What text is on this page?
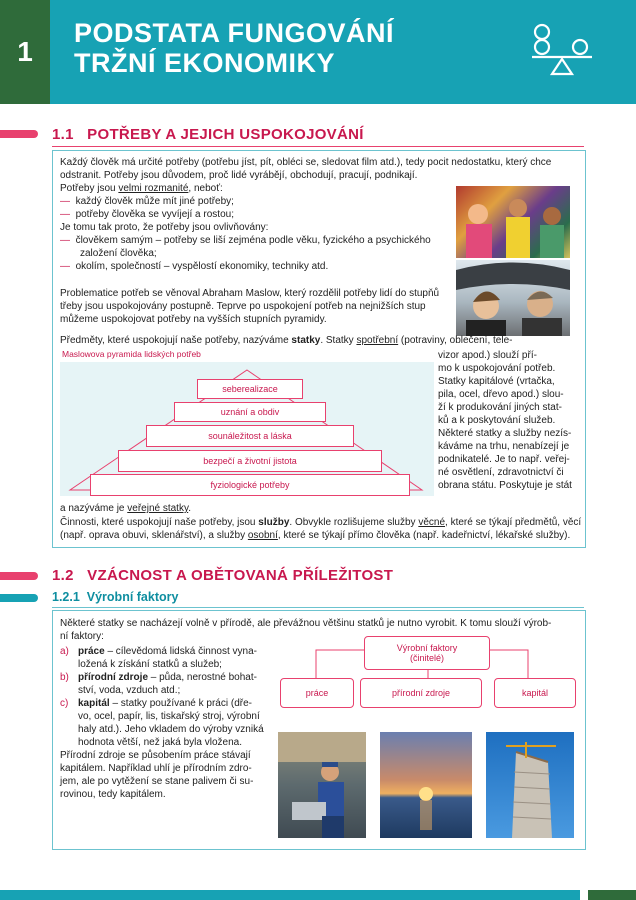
1
PODSTATA FUNGOVÁNÍ
TRŽNÍ EKONOMIKY
1.1 POTŘEBY A JEJICH USPOKOJOVÁNÍ
Každý člověk má určité potřeby (potřebu jíst, pít, obléci se, sledovat film atd.), tedy pocit nedostatku, který chce odstranit. Potřeby jsou důvodem, proč lidé vyrábějí, obchodují, pracují, podnikají.

Potřeby jsou velmi rozmanité, neboť:

— každý člověk může mít jiné potřeby;

— potřeby člověka se vyvíjejí a rostou;

Je tomu tak proto, že potřeby jsou ovlivňovány:

— člověkem samým – potřeby se liší zejména podle věku, fyzického a psychického

založení člověka;

— okolím, společností – vyspělostí ekonomiky, techniky atd.

Problematice potřeb se věnoval Abraham Maslow, který rozdělil potřeby lidí do stupňů

třeby jsou uspokojovány postupně. Teprve po uspokojení potřeb na nejnižších stup

můžeme uspokojovat potřeby na vyšších stupních pyramidy.

Předměty, které uspokojují naše potřeby, nazýváme statky. Statky spotřební (potraviny, oblečení, tele-
Maslowova pyramida lidských potřeb
seberealizace
uznání a obdiv
sounáležitost a láska
bezpečí a životní jistota
fyziologické potřeby

vizor apod.) slouží pří-

mo k uspokojování potřeb.

Statky kapitálové (vrtačka,

pila, ocel, dřevo apod.) slou-

ží k produkování jiných stat-

ků a k poskytování služeb.

Některé statky a služby nezís-

káváme na trhu, nenabízejí je

podnikatelé. Je to např. veřej-

né osvětlení, zdravotnictví či

obrana státu. Poskytuje je stát

a nazýváme je veřejné statky.

Činnosti, které uspokojují naše potřeby, jsou služby. Obvykle rozlišujeme služby věcné, které se týkají předmětů, věcí

(např. oprava obuvi, sklenářství), a služby osobní, které se týkají přímo člověka (např. kadeřnictví, lékařské služby).

1.2 VZÁCNOST A OBĚTOVANÁ PŘÍLEŽITOST
1.2.1 Výrobní faktory

Některé statky se nacházejí volně v přírodě, ale převážnou většinu statků je nutno vyrobit. K tomu slouží výrob-

ní faktory:

a) práce – cílevědomá lidská činnost vyna-

ložená k získání statků a služeb;

b) přírodní zdroje – půda, nerostné bohat-

ství, voda, vzduch atd.;

c) kapitál – statky používané k práci (dře-

vo, ocel, papír, lis, tiskařský stroj, výrobní

haly atd.). Jeho vkladem do výroby vzniká

hodnota větší, než jaká byla vložena.

Přírodní zdroje se působením práce stávají

kapitálem. Například uhlí je přírodním zdro-

jem, ale po vytěžení se stane palivem či su-

rovinou, tedy kapitálem.

Výrobní faktory
(činitelé)
práce	přírodní zdroje	kapitál
